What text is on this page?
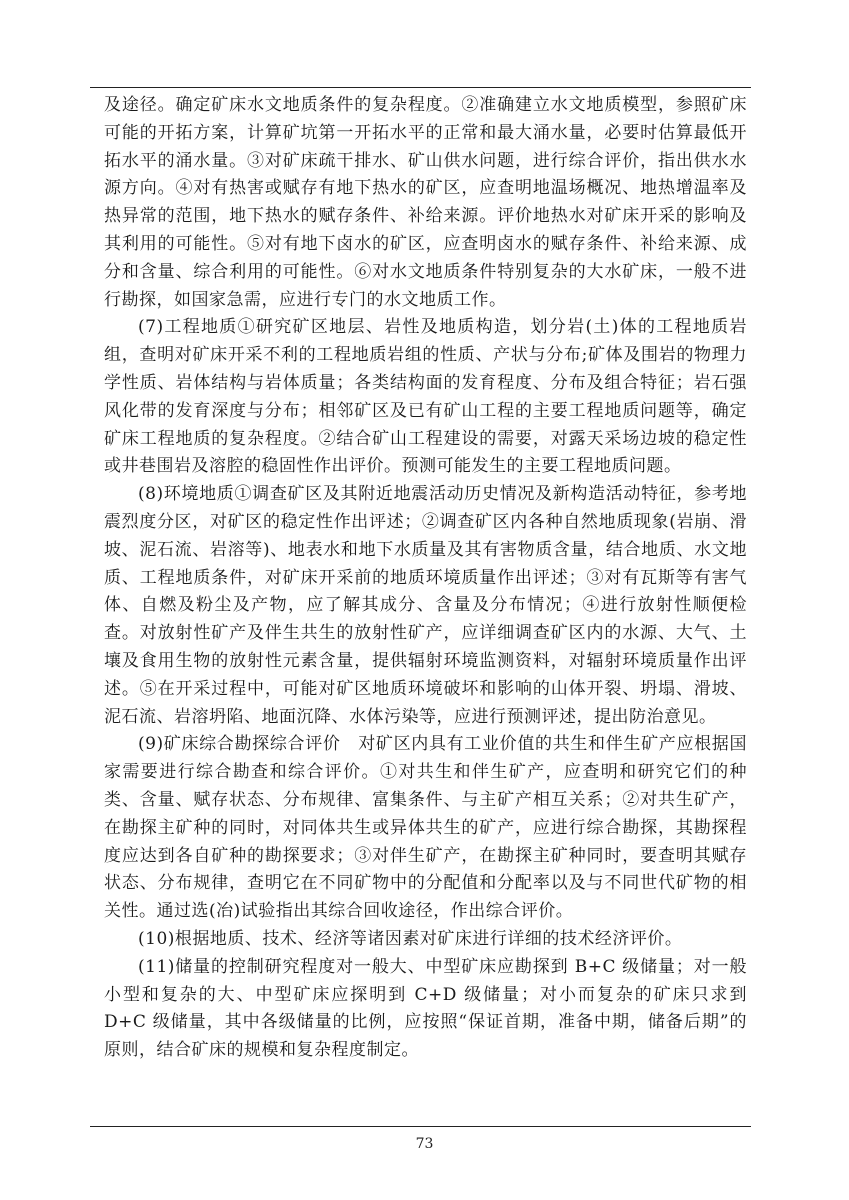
及途径。确定矿床水文地质条件的复杂程度。②准确建立水文地质模型，参照矿床可能的开拓方案，计算矿坑第一开拓水平的正常和最大涌水量，必要时估算最低开拓水平的涌水量。③对矿床疏干排水、矿山供水问题，进行综合评价，指出供水水源方向。④对有热害或赋存有地下热水的矿区，应查明地温场概况、地热增温率及热异常的范围，地下热水的赋存条件、补给来源。评价地热水对矿床开采的影响及其利用的可能性。⑤对有地下卤水的矿区，应查明卤水的赋存条件、补给来源、成分和含量、综合利用的可能性。⑥对水文地质条件特别复杂的大水矿床，一般不进行勘探，如国家急需，应进行专门的水文地质工作。

(7)工程地质①研究矿区地层、岩性及地质构造，划分岩(土)体的工程地质岩组，查明对矿床开采不利的工程地质岩组的性质、产状与分布;矿体及围岩的物理力学性质、岩体结构与岩体质量；各类结构面的发育程度、分布及组合特征；岩石强风化带的发育深度与分布；相邻矿区及已有矿山工程的主要工程地质问题等，确定矿床工程地质的复杂程度。②结合矿山工程建设的需要，对露天采场边坡的稳定性或井巷围岩及溶腔的稳固性作出评价。预测可能发生的主要工程地质问题。

(8)环境地质①调查矿区及其附近地震活动历史情况及新构造活动特征，参考地震烈度分区，对矿区的稳定性作出评述；②调查矿区内各种自然地质现象(岩崩、滑坡、泥石流、岩溶等)、地表水和地下水质量及其有害物质含量，结合地质、水文地质、工程地质条件，对矿床开采前的地质环境质量作出评述；③对有瓦斯等有害气体、自燃及粉尘及产物，应了解其成分、含量及分布情况；④进行放射性顺便检查。对放射性矿产及伴生共生的放射性矿产，应详细调查矿区内的水源、大气、土壤及食用生物的放射性元素含量，提供辐射环境监测资料，对辐射环境质量作出评述。⑤在开采过程中，可能对矿区地质环境破坏和影响的山体开裂、坍塌、滑坡、泥石流、岩溶坍陷、地面沉降、水体污染等，应进行预测评述，提出防治意见。

(9)矿床综合勘探综合评价　对矿区内具有工业价值的共生和伴生矿产应根据国家需要进行综合勘查和综合评价。①对共生和伴生矿产，应查明和研究它们的种类、含量、赋存状态、分布规律、富集条件、与主矿产相互关系；②对共生矿产，在勘探主矿种的同时，对同体共生或异体共生的矿产，应进行综合勘探，其勘探程度应达到各自矿种的勘探要求；③对伴生矿产，在勘探主矿种同时，要查明其赋存状态、分布规律，查明它在不同矿物中的分配值和分配率以及与不同世代矿物的相关性。通过选(冶)试验指出其综合回收途径，作出综合评价。

(10)根据地质、技术、经济等诸因素对矿床进行详细的技术经济评价。

(11)储量的控制研究程度对一般大、中型矿床应勘探到 B+C 级储量；对一般小型和复杂的大、中型矿床应探明到 C+D 级储量；对小而复杂的矿床只求到 D+C 级储量，其中各级储量的比例，应按照“保证首期，准备中期，储备后期”的原则，结合矿床的规模和复杂程度制定。

73
